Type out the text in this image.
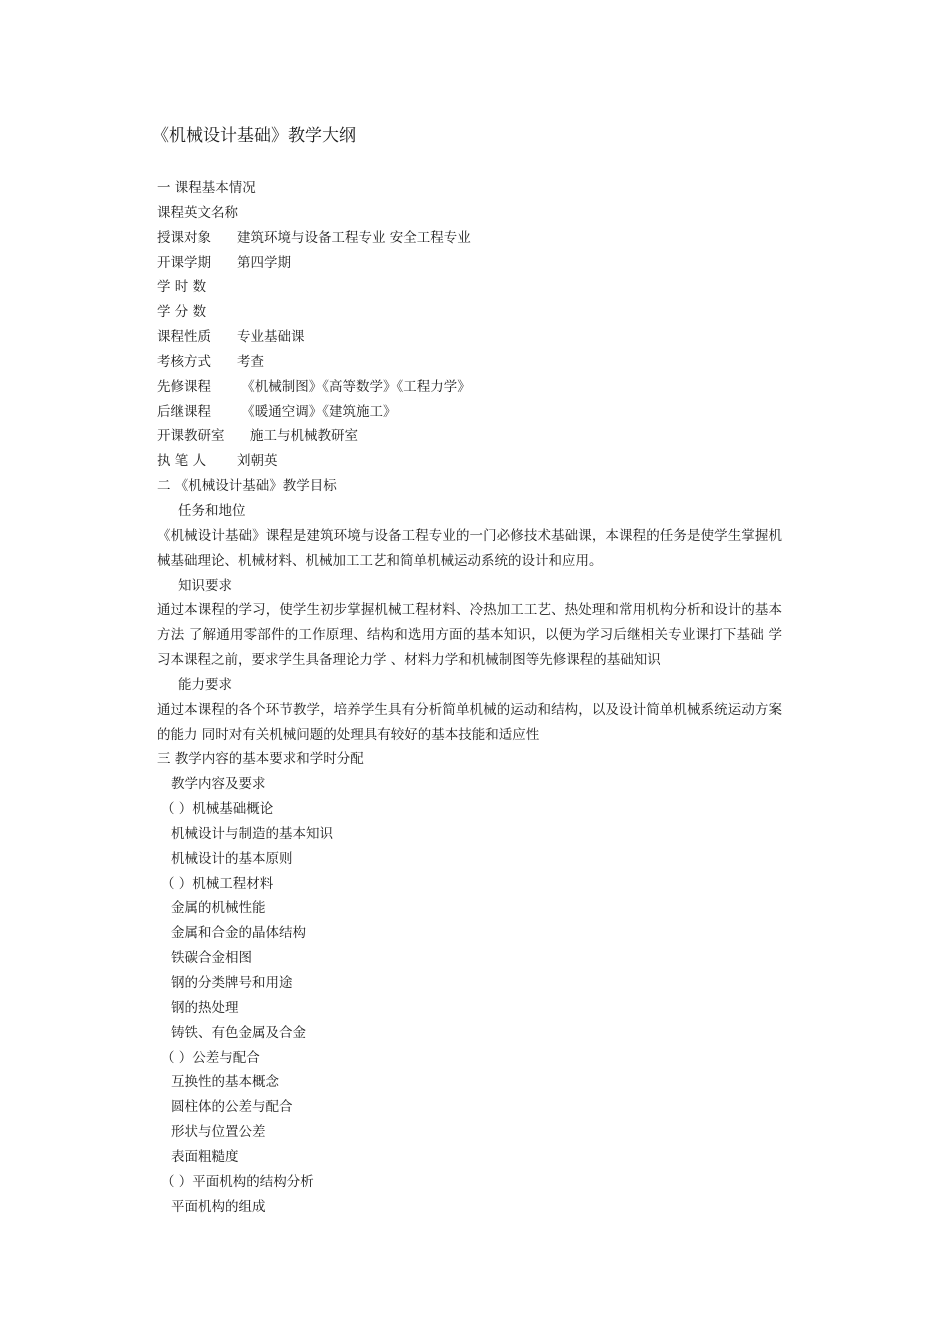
《机械设计基础》教学大纲
一 课程基本情况
课程英文名称
授课对象 建筑环境与设备工程专业 安全工程专业
开课学期 第四学期
学 时 数
学 分 数
课程性质 专业基础课
考核方式 考查
先修课程 《机械制图》《高等数学》《工程力学》
后继课程 《暖通空调》《建筑施工》
开课教研室 施工与机械教研室
执 笔 人 刘朝英
二 《机械设计基础》教学目标
任务和地位
《机械设计基础》课程是建筑环境与设备工程专业的一门必修技术基础课，本课程的任务是使学生掌握机械基础理论、机械材料、机械加工工艺和简单机械运动系统的设计和应用。
知识要求
通过本课程的学习，使学生初步掌握机械工程材料、冷热加工工艺、热处理和常用机构分析和设计的基本方法 了解通用零部件的工作原理、结构和选用方面的基本知识，以便为学习后继相关专业课打下基础 学习本课程之前，要求学生具备理论力学 、材料力学和机械制图等先修课程的基础知识
能力要求
通过本课程的各个环节教学，培养学生具有分析简单机械的运动和结构，以及设计简单机械系统运动方案的能力 同时对有关机械问题的处理具有较好的基本技能和适应性
三 教学内容的基本要求和学时分配
教学内容及要求
（ ）机械基础概论
机械设计与制造的基本知识
机械设计的基本原则
（ ）机械工程材料
金属的机械性能
金属和合金的晶体结构
铁碳合金相图
钢的分类牌号和用途
钢的热处理
铸铁、有色金属及合金
（ ）公差与配合
互换性的基本概念
圆柱体的公差与配合
形状与位置公差
表面粗糙度
（ ）平面机构的结构分析
平面机构的组成
